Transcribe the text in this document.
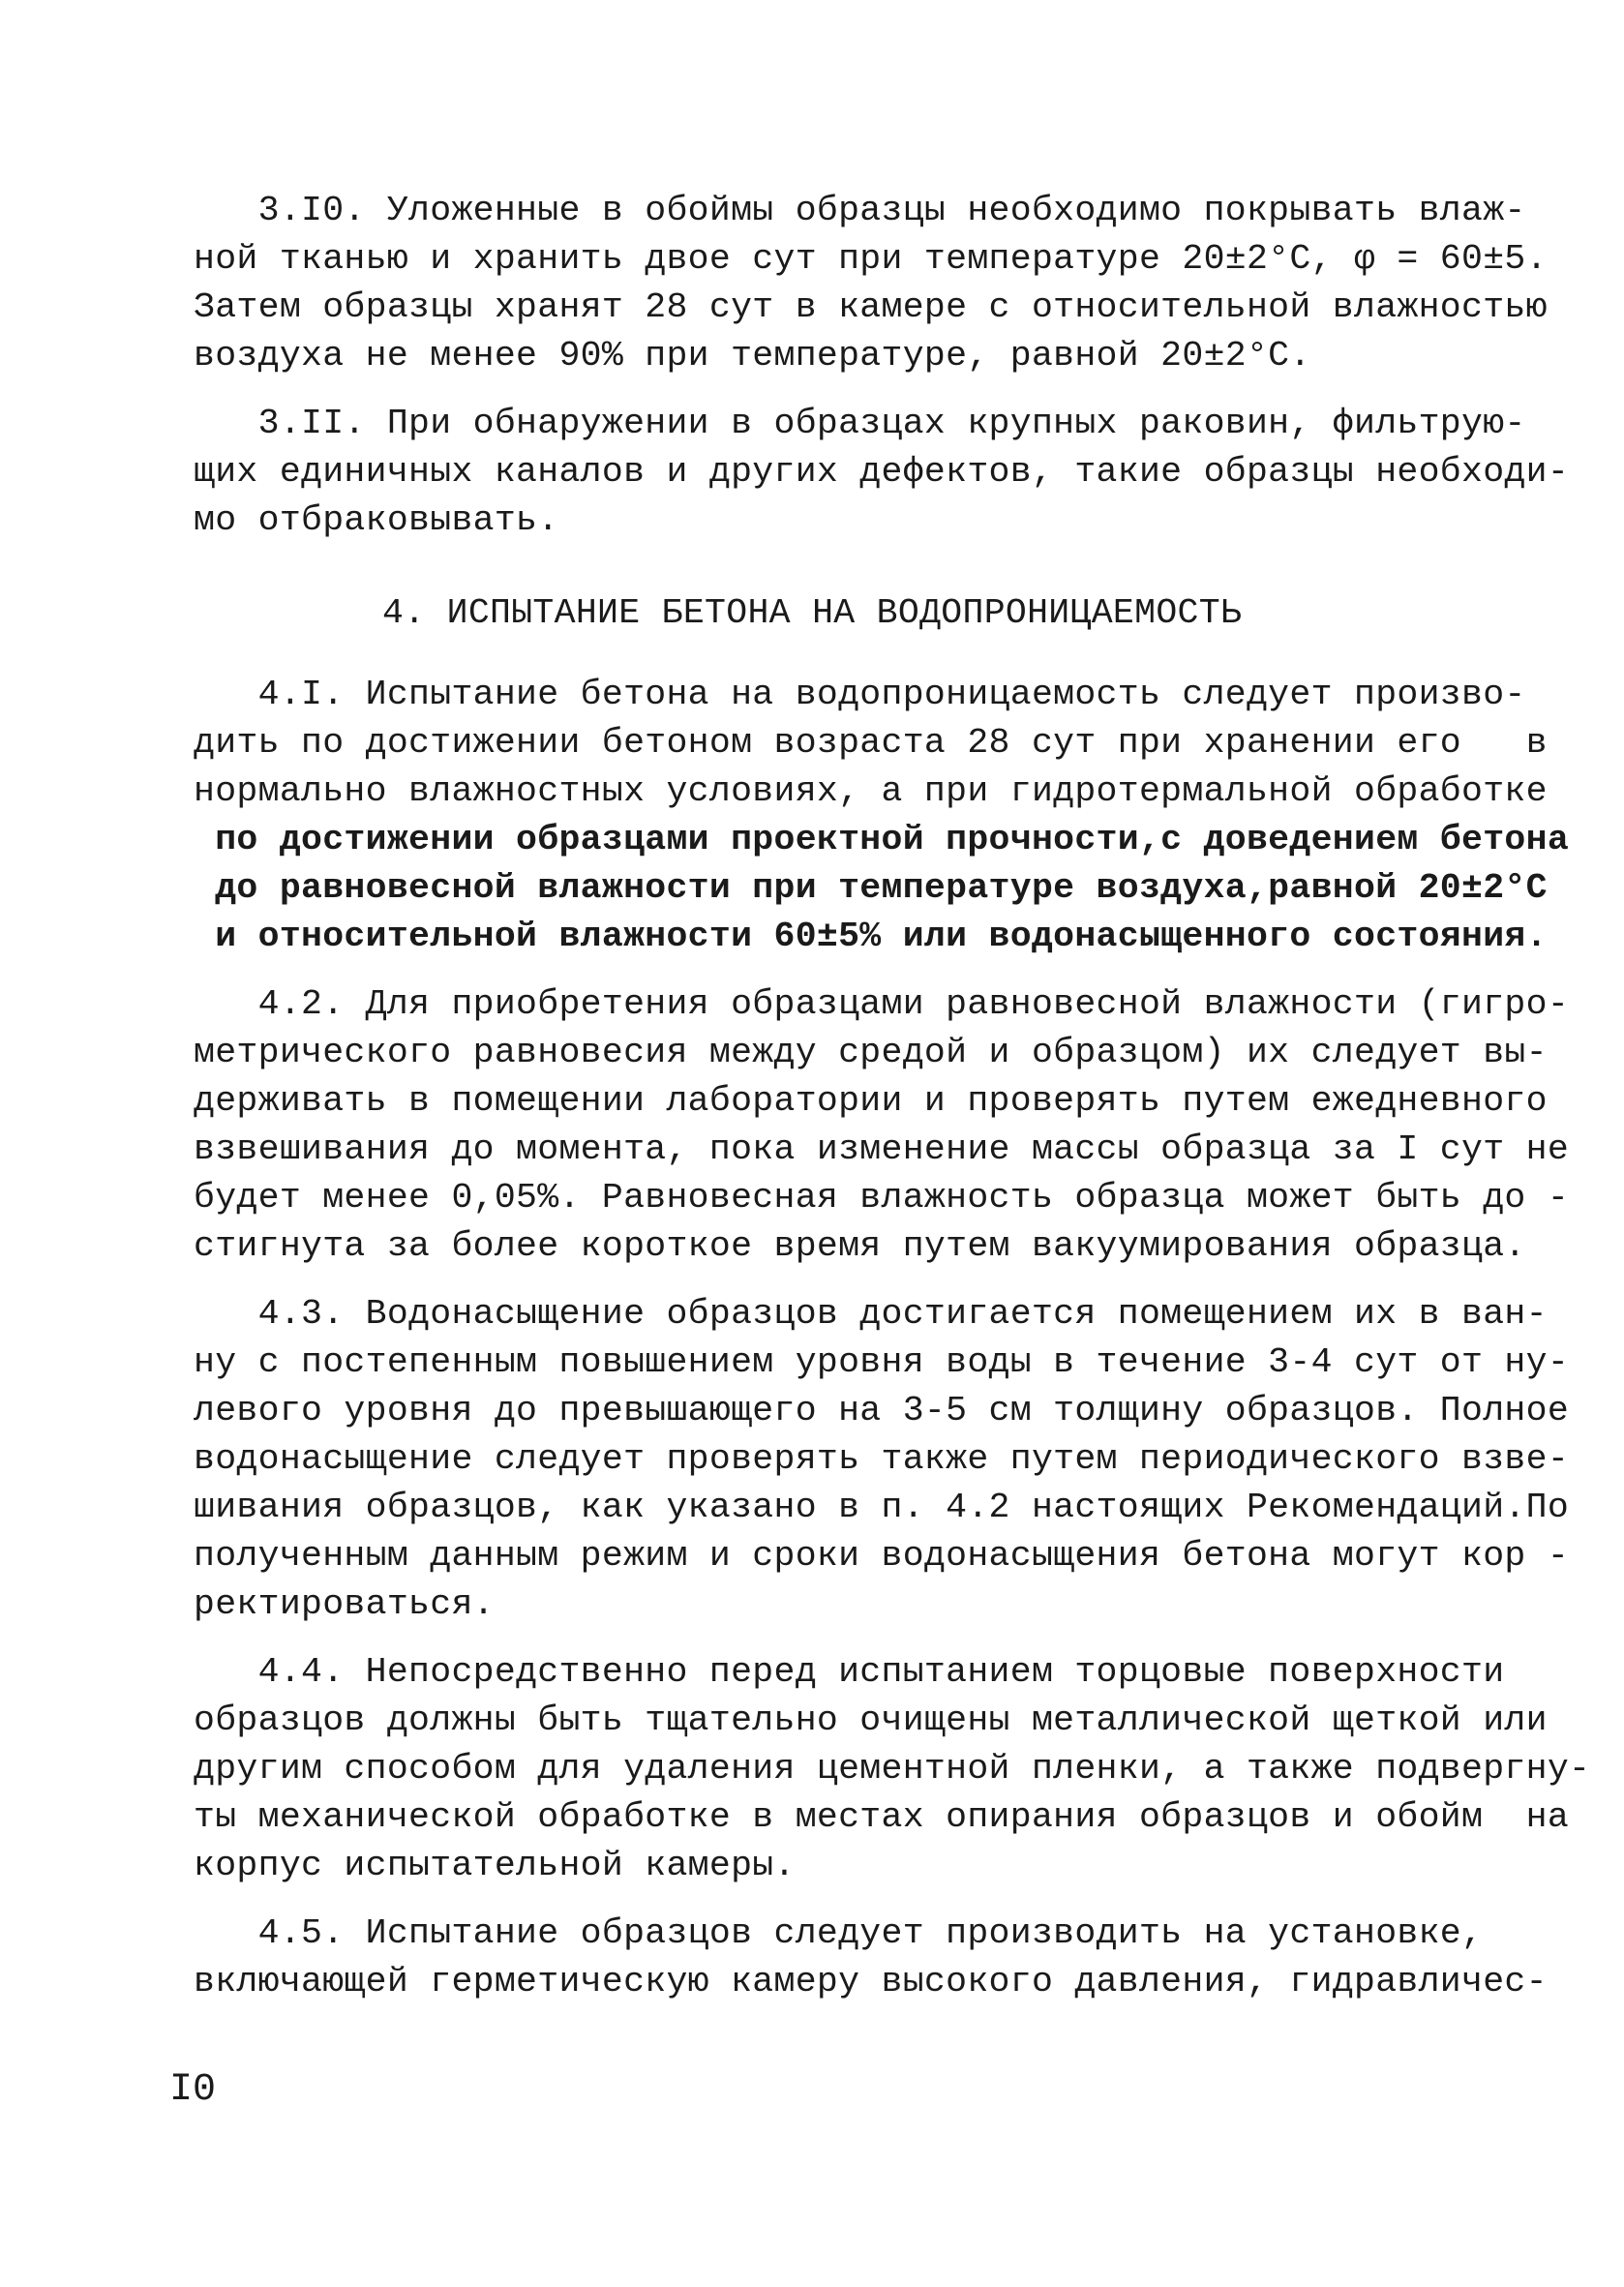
3.I0. Уложенные в обоймы образцы необходимо покрывать влаж-
ной тканью и хранить двое сут при температуре 20±2°С, φ = 60±5.
Затем образцы хранят 28 сут в камере с относительной влажностью
воздуха не менее 90% при температуре, равной 20±2°С.
3.II. При обнаружении в образцах крупных раковин, фильтрую-
щих единичных каналов и других дефектов, такие образцы необходи-
мо отбраковывать.
4. ИСПЫТАНИЕ БЕТОНА НА ВОДОПРОНИЦАЕМОСТЬ
4.I. Испытание бетона на водопроницаемость следует произво-
дить по достижении бетоном возраста 28 сут при хранении его   в
нормально влажностных условиях, а при гидротермальной обработке
по достижении образцами проектной прочности,с доведением бетона
до равновесной влажности при температуре воздуха,равной 20±2°С
и относительной влажности 60±5% или водонасыщенного состояния.
4.2. Для приобретения образцами равновесной влажности (гигро-
метрического равновесия между средой и образцом) их следует вы-
держивать в помещении лаборатории и проверять путем ежедневного
взвешивания до момента, пока изменение массы образца за I сут не
будет менее 0,05%. Равновесная влажность образца может быть до -
стигнута за более короткое время путем вакуумирования образца.
4.3. Водонасыщение образцов достигается помещением их в ван-
ну с постепенным повышением уровня воды в течение 3-4 сут от ну-
левого уровня до превышающего на 3-5 см толщину образцов. Полное
водонасыщение следует проверять также путем периодического взве-
шивания образцов, как указано в п. 4.2 настоящих Рекомендаций.По
полученным данным режим и сроки водонасыщения бетона могут кор -
ректироваться.
4.4. Непосредственно перед испытанием торцовые поверхности
образцов должны быть тщательно очищены металлической щеткой или
другим способом для удаления цементной пленки, а также подвергну-
ты механической обработке в местах опирания образцов и обойм  на
корпус испытательной камеры.
4.5. Испытание образцов следует производить на установке,
включающей герметическую камеру высокого давления, гидравличес-
I0
